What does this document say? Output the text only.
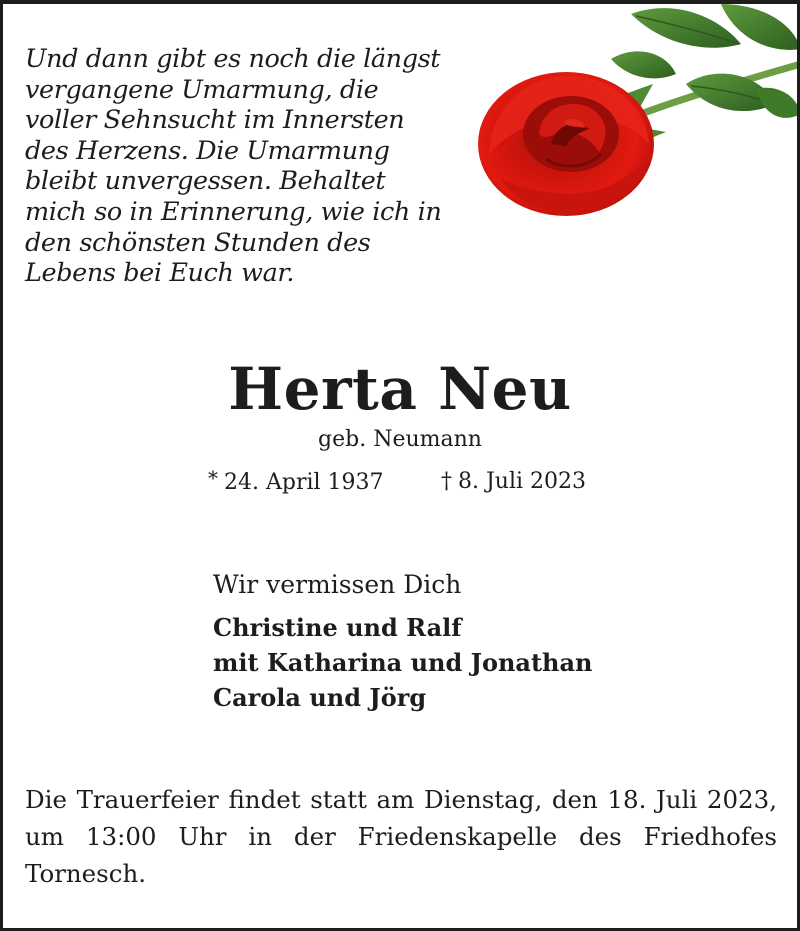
Und dann gibt es noch die längst
vergangene Umarmung, die
voller Sehnsucht im Innersten
des Herzens. Die Umarmung
bleibt unvergessen. Behaltet
mich so in Erinnerung, wie ich in
den schönsten Stunden des
Lebens bei Euch war.

Herta Neu
geb. Neumann
* 24. April 1937	† 8. Juli 2023

Wir vermissen Dich

Christine und Ralf
mit Katharina und Jonathan
Carola und Jörg

Die Trauerfeier findet statt am Dienstag, den 18. Juli 2023,
um 13:00 Uhr in der Friedenskapelle des Friedhofes
Tornesch.
